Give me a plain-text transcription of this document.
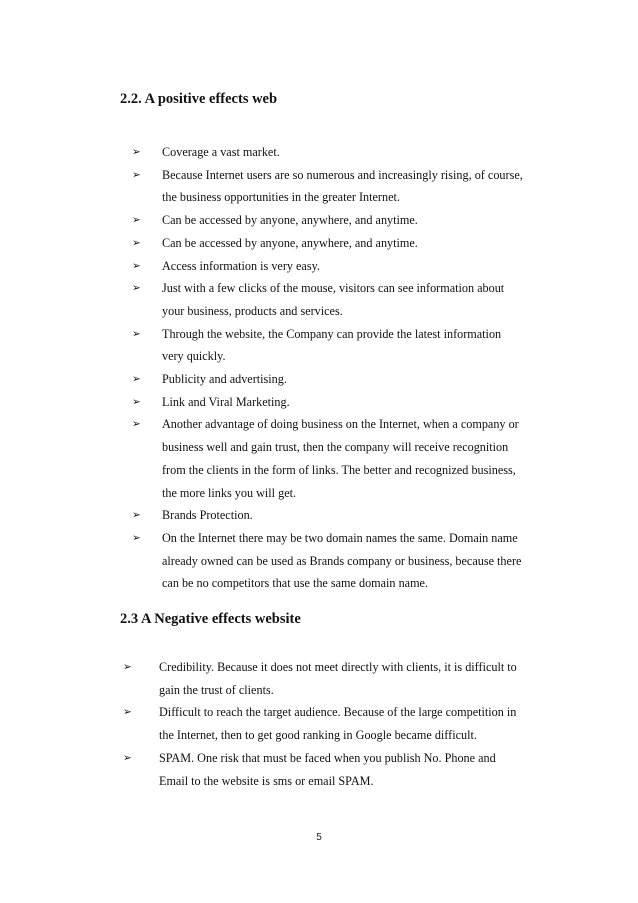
2.2. A positive effects web
➢	Coverage a vast market.
➢	Because Internet users are so numerous and increasingly rising, of course,
the business opportunities in the greater Internet.
➢	Can be accessed by anyone, anywhere, and anytime.
➢	Can be accessed by anyone, anywhere, and anytime.
➢	Access information is very easy.
➢	Just with a few clicks of the mouse, visitors can see information about
your business, products and services.
➢	Through the website, the Company can provide the latest information
very quickly.
➢	Publicity and advertising.
➢	Link and Viral Marketing.
➢	Another advantage of doing business on the Internet, when a company or
business well and gain trust, then the company will receive recognition
from the clients in the form of links. The better and recognized business,
the more links you will get.
➢	Brands Protection.
➢	On the Internet there may be two domain names the same. Domain name
already owned can be used as Brands company or business, because there
can be no competitors that use the same domain name.
2.3 A Negative effects website
➢	Credibility. Because it does not meet directly with clients, it is difficult to
gain the trust of clients.
➢	Difficult to reach the target audience. Because of the large competition in
the Internet, then to get good ranking in Google became difficult.
➢	SPAM. One risk that must be faced when you publish No. Phone and
Email to the website is sms or email SPAM.
5
